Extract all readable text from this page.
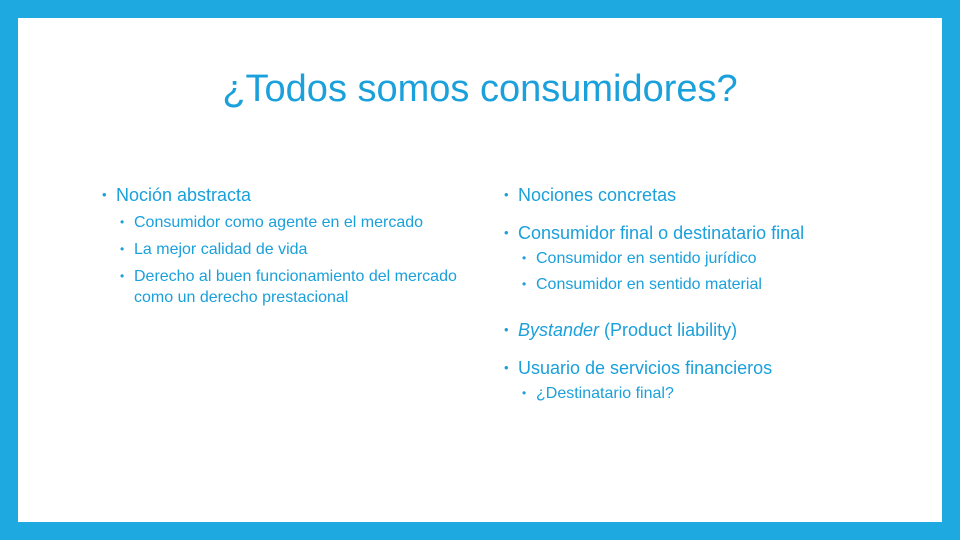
¿Todos somos consumidores?
• Noción abstracta
• Consumidor como agente en el mercado
• La mejor calidad de vida
• Derecho al buen funcionamiento del mercado como un derecho prestacional
• Nociones concretas
• Consumidor final o destinatario final
• Consumidor en sentido jurídico
• Consumidor en sentido material
• Bystander (Product liability)
• Usuario de servicios financieros
• ¿Destinatario final?
